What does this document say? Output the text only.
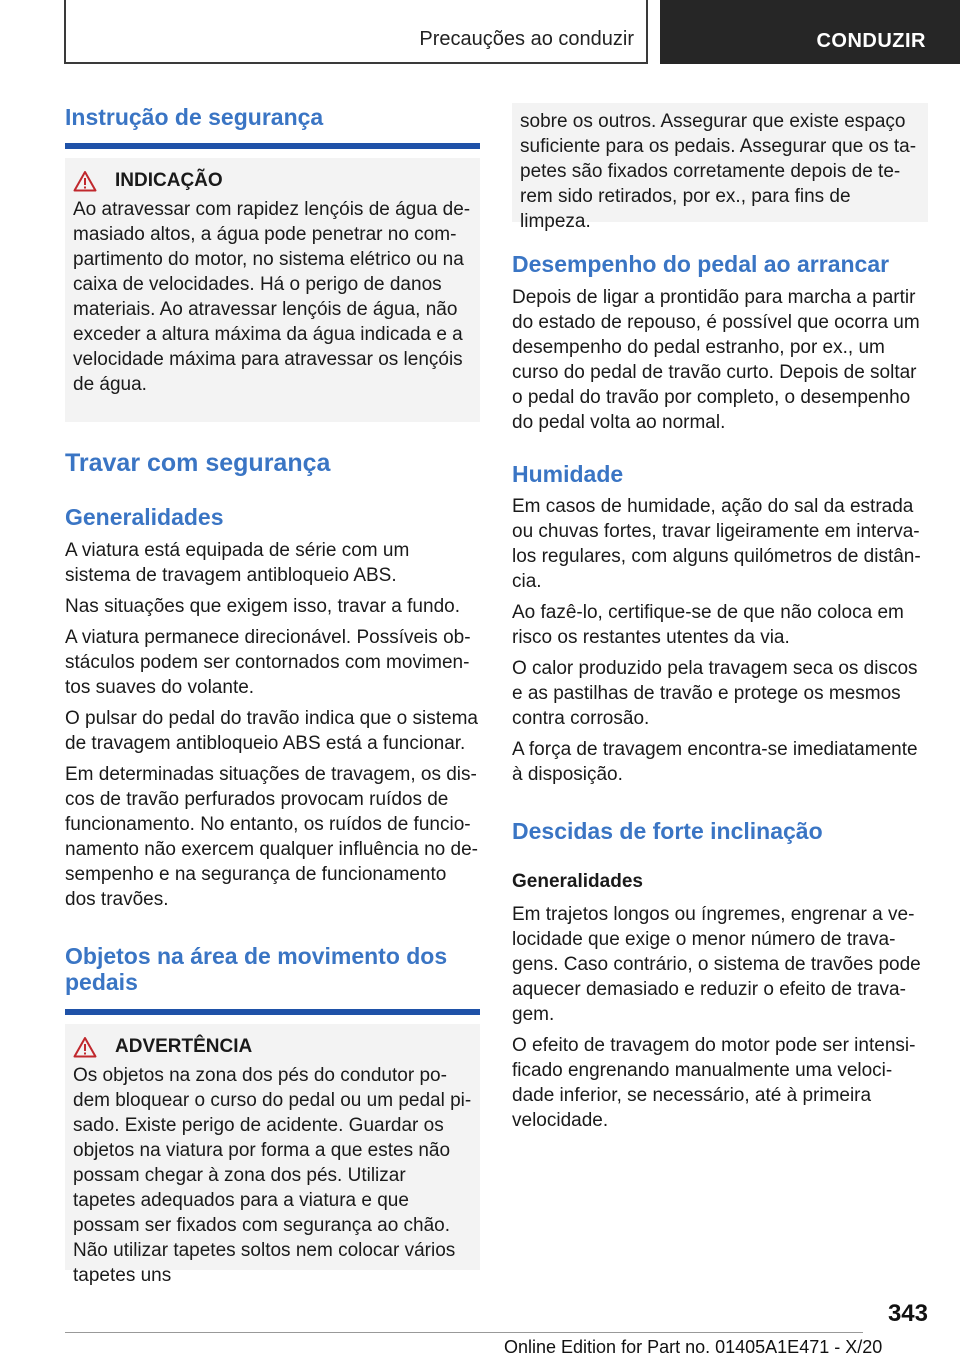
Precauções ao conduzir	CONDUZIR
Instrução de segurança
INDICAÇÃO

Ao atravessar com rapidez lençóis de água demasiado altos, a água pode penetrar no compartimento do motor, no sistema elétrico ou na caixa de velocidades. Há o perigo de danos materiais. Ao atravessar lençóis de água, não exceder a altura máxima da água indicada e a velocidade máxima para atravessar os lençóis de água.

Travar com segurança
Generalidades

A viatura está equipada de série com um sistema de travagem antibloqueio ABS.

Nas situações que exigem isso, travar a fundo.

A viatura permanece direcionável. Possíveis obstáculos podem ser contornados com movimentos suaves do volante.

O pulsar do pedal do travão indica que o sistema de travagem antibloqueio ABS está a funcionar.

Em determinadas situações de travagem, os discos de travão perfurados provocam ruídos de funcionamento. No entanto, os ruídos de funcionamento não exercem qualquer influência no desempenho e na segurança de funcionamento dos travões.

Objetos na área de movimento dos pedais
ADVERTÊNCIA

Os objetos na zona dos pés do condutor podem bloquear o curso do pedal ou um pedal pisado. Existe perigo de acidente. Guardar os objetos na viatura por forma a que estes não possam chegar à zona dos pés. Utilizar tapetes adequados para a viatura e que possam ser fixados com segurança ao chão. Não utilizar tapetes soltos nem colocar vários tapetes uns

sobre os outros. Assegurar que existe espaço suficiente para os pedais. Assegurar que os tapetes são fixados corretamente depois de terem sido retirados, por ex., para fins de limpeza.

Desempenho do pedal ao arrancar

Depois de ligar a prontidão para marcha a partir do estado de repouso, é possível que ocorra um desempenho do pedal estranho, por ex., um curso do pedal de travão curto. Depois de soltar o pedal do travão por completo, o desempenho do pedal volta ao normal.

Humidade

Em casos de humidade, ação do sal da estrada ou chuvas fortes, travar ligeiramente em intervalos regulares, com alguns quilómetros de distância.

Ao fazê-lo, certifique-se de que não coloca em risco os restantes utentes da via.

O calor produzido pela travagem seca os discos e as pastilhas de travão e protege os mesmos contra corrosão.

A força de travagem encontra-se imediatamente à disposição.

Descidas de forte inclinação
Generalidades

Em trajetos longos ou íngremes, engrenar a velocidade que exige o menor número de travagens. Caso contrário, o sistema de travões pode aquecer demasiado e reduzir o efeito de travagem.

O efeito de travagem do motor pode ser intensificado engrenando manualmente uma velocidade inferior, se necessário, até à primeira velocidade.

343
Online Edition for Part no. 01405A1E471 - X/20
